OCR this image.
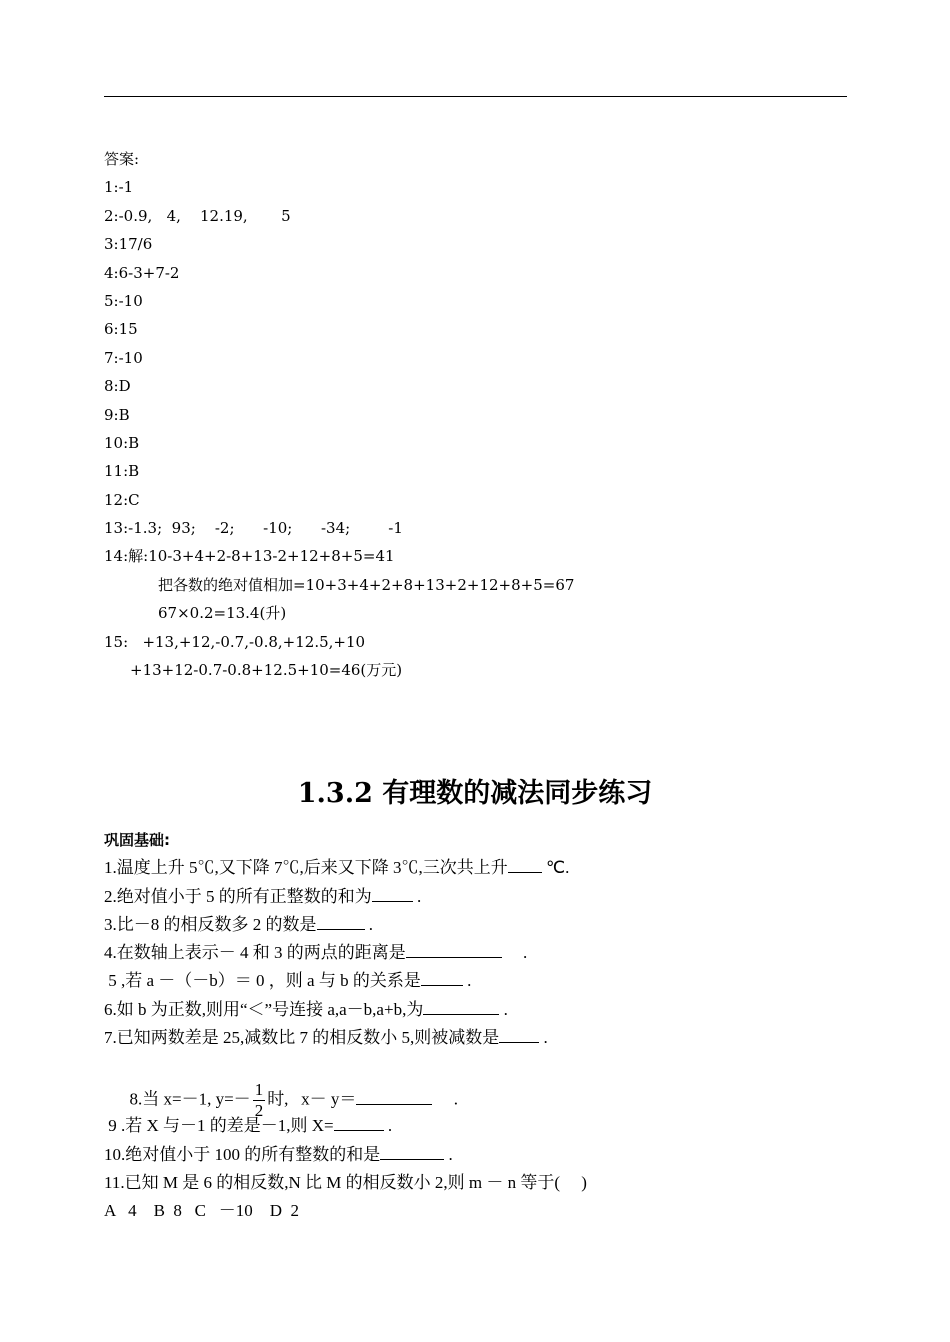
答案:
1:-1
2:-0.9,   4,    12.19,       5
3:17/6
4:6-3+7-2
5:-10
6:15
7:-10
8:D
9:B
10:B
11:B
12:C
13:-1.3;  93;    -2;      -10;      -34;        -1
14:解:10-3+4+2-8+13-2+12+8+5=41
把各数的绝对值相加=10+3+4+2+8+13+2+12+8+5=67
67×0.2=13.4(升)
15:   +13,+12,-0.7,-0.8,+12.5,+10
+13+12-0.7-0.8+12.5+10=46(万元)
1.3.2 有理数的减法同步练习
巩固基础:
1.温度上升 5℃,又下降 7℃,后来又下降 3℃,三次共上升 ℃.
2.绝对值小于 5 的所有正整数的和为 .
3.比－8 的相反数多 2 的数是	.
4.在数轴上表示－ 4 和 3 的两点的距离是	.
5 ,若 a －（－b）＝ 0 ，则 a 与 b 的关系是 .
6.如 b 为正数,则用“＜”号连接 a,a－b,a+b,为	.
7.已知两数差是 25,减数比 7 的相反数小 5,则被减数是 .

8.当 x=－1, $y=- \frac{1}{2}$ 时,   x－ y＝	.

9 .若 X 与－1 的差是－1,则 X=	.
10.绝对值小于 100 的所有整数的和是	.
11.已知 M 是 6 的相反数,N 比 M 的相反数小 2,则 m － n 等于(     )
A   4    B  8   C   －10    D  2
